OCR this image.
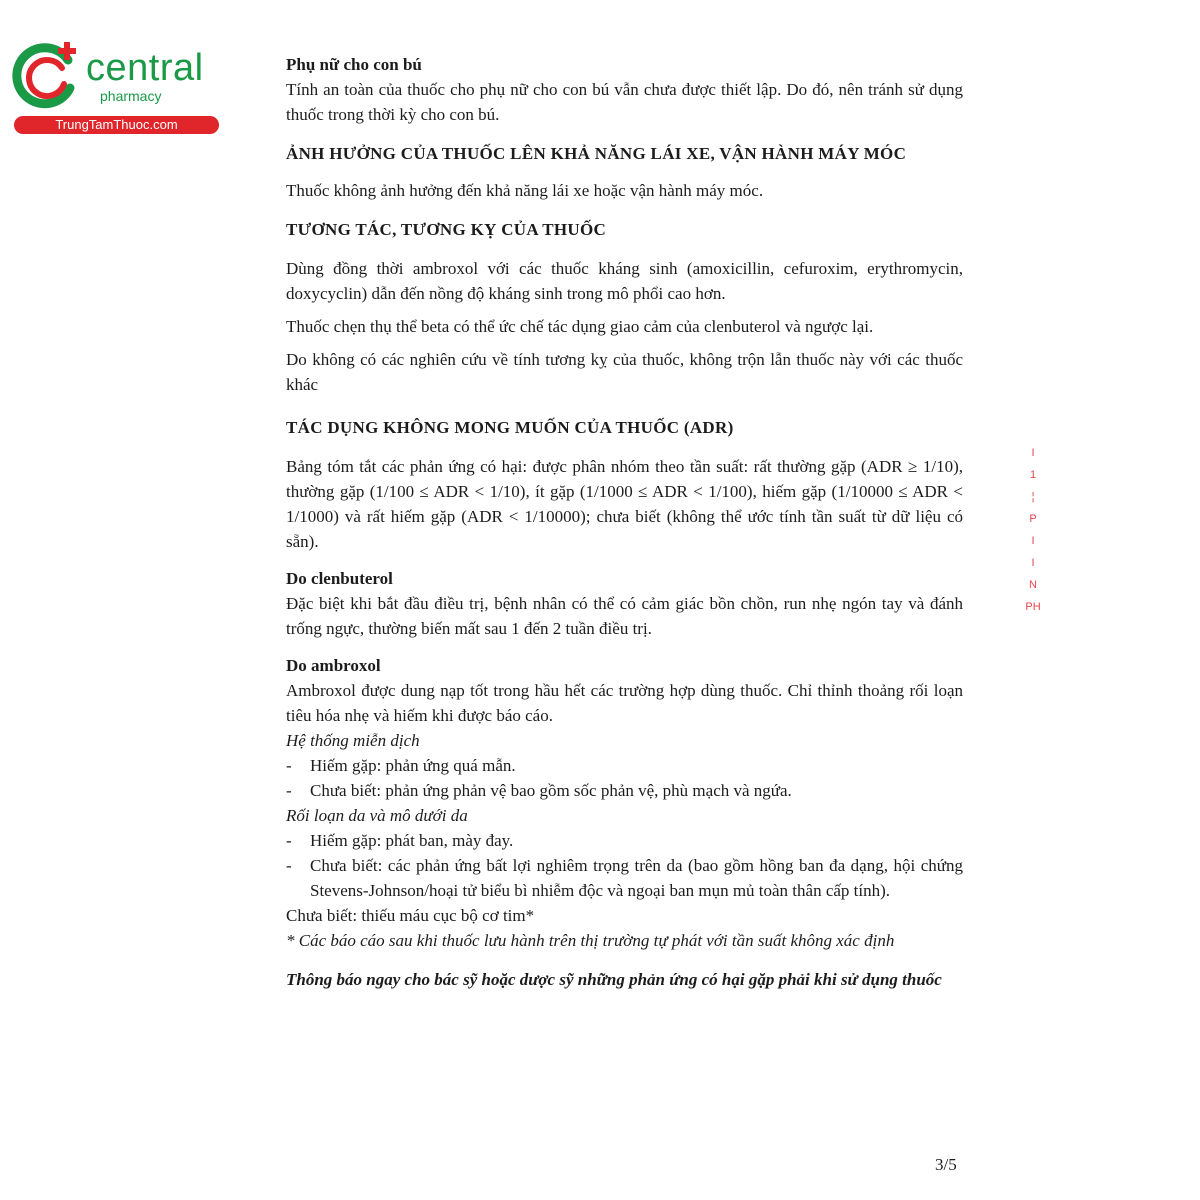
central
pharmacy
TrungTamThuoc.com

Phụ nữ cho con bú

Tính an toàn của thuốc cho phụ nữ cho con bú vẫn chưa được thiết lập. Do đó, nên tránh sử dụng thuốc trong thời kỳ cho con bú.

ẢNH HƯỞNG CỦA THUỐC LÊN KHẢ NĂNG LÁI XE, VẬN HÀNH MÁY MÓC

Thuốc không ảnh hưởng đến khả năng lái xe hoặc vận hành máy móc.

TƯƠNG TÁC, TƯƠNG KỴ CỦA THUỐC

Dùng đồng thời ambroxol với các thuốc kháng sinh (amoxicillin, cefuroxim, erythromycin, doxycyclin) dẫn đến nồng độ kháng sinh trong mô phổi cao hơn.

Thuốc chẹn thụ thể beta có thể ức chế tác dụng giao cảm của clenbuterol và ngược lại.

Do không có các nghiên cứu về tính tương kỵ của thuốc, không trộn lẫn thuốc này với các thuốc khác

TÁC DỤNG KHÔNG MONG MUỐN CỦA THUỐC (ADR)

Bảng tóm tắt các phản ứng có hại: được phân nhóm theo tần suất: rất thường gặp (ADR ≥ 1/10), thường gặp (1/100 ≤ ADR < 1/10), ít gặp (1/1000 ≤ ADR < 1/100), hiếm gặp (1/10000 ≤ ADR < 1/1000) và rất hiếm gặp (ADR < 1/10000); chưa biết (không thể ước tính tần suất từ dữ liệu có sẵn).

Do clenbuterol

Đặc biệt khi bắt đầu điều trị, bệnh nhân có thể có cảm giác bồn chồn, run nhẹ ngón tay và đánh trống ngực, thường biến mất sau 1 đến 2 tuần điều trị.

Do ambroxol

Ambroxol được dung nạp tốt trong hầu hết các trường hợp dùng thuốc. Chỉ thỉnh thoảng rối loạn tiêu hóa nhẹ và hiếm khi được báo cáo.

Hệ thống miễn dịch

- Hiếm gặp: phản ứng quá mẫn.

- Chưa biết: phản ứng phản vệ bao gồm sốc phản vệ, phù mạch và ngứa.

Rối loạn da và mô dưới da

- Hiếm gặp: phát ban, mày đay.

- Chưa biết: các phản ứng bất lợi nghiêm trọng trên da (bao gồm hồng ban đa dạng, hội chứng Stevens-Johnson/hoại tử biểu bì nhiễm độc và ngoại ban mụn mủ toàn thân cấp tính).

Chưa biết: thiếu máu cục bộ cơ tim*

* Các báo cáo sau khi thuốc lưu hành trên thị trường tự phát với tần suất không xác định

Thông báo ngay cho bác sỹ hoặc dược sỹ những phản ứng có hại gặp phải khi sử dụng thuốc

I
1
¦
P
I
I
N
PH
3/5
